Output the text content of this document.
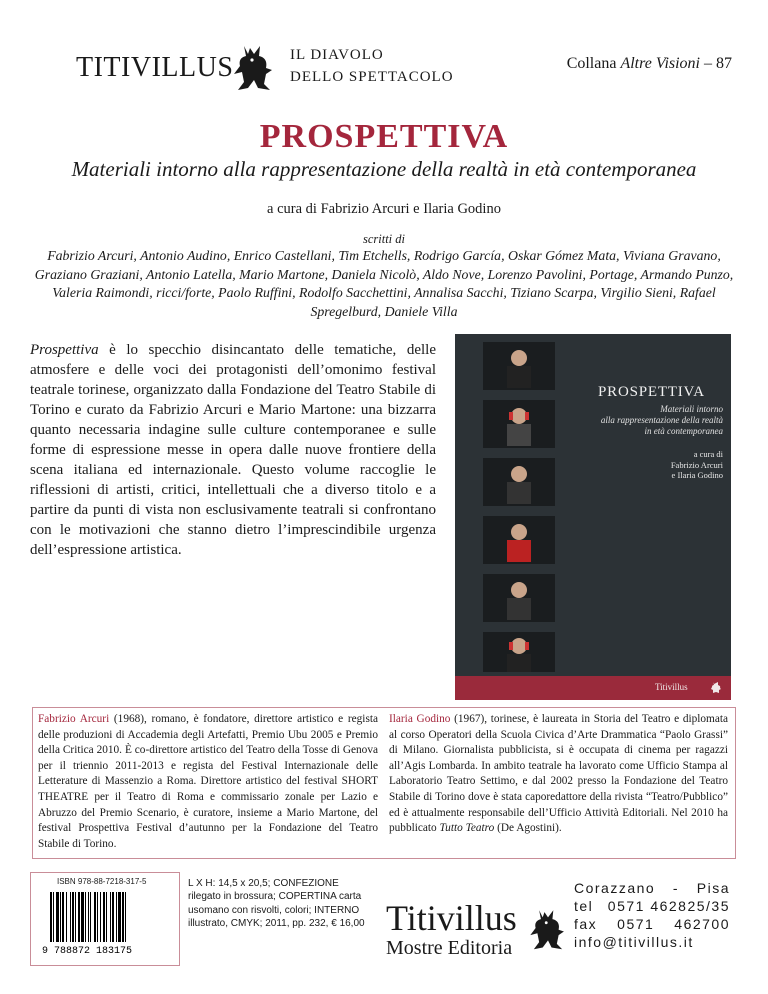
TITIVILLUS	IL DIAVOLO
DELLO SPETTACOLO
Collana Altre Visioni – 87
PROSPETTIVA
Materiali intorno alla rappresentazione della realtà in età contemporanea
a cura di Fabrizio Arcuri e Ilaria Godino
scritti di
Fabrizio Arcuri, Antonio Audino, Enrico Castellani, Tim Etchells, Rodrigo García, Oskar Gómez Mata, Viviana Gravano, Graziano Graziani, Antonio Latella, Mario Martone, Daniela Nicolò, Aldo Nove, Lorenzo Pavolini, Portage, Armando Punzo, Valeria Raimondi, ricci/forte, Paolo Ruffini, Rodolfo Sacchettini, Annalisa Sacchi, Tiziano Scarpa, Virgilio Sieni, Rafael Spregelburd, Daniele Villa
Prospettiva è lo specchio disincantato delle tematiche, delle atmosfere e delle voci dei protagonisti dell’omonimo festival teatrale torinese, organizzato dalla Fondazione del Teatro Stabile di Torino e curato da Fabrizio Arcuri e Mario Martone: una bizzarra quanto necessaria indagine sulle culture contemporanee e sulle forme di espressione messe in opera dalle nuove frontiere della scena italiana ed internazionale. Questo volume raccoglie le riflessioni di artisti, critici, intellettuali che a diverso titolo e a partire da punti di vista non esclusivamente teatrali si confrontano con le motivazioni che stanno dietro l’imprescindibile urgenza dell’espressione artistica.
PROSPETTIVA
Materiali intorno
alla rappresentazione della realtà
in età contemporanea
a cura di
Fabrizio Arcuri
e Ilaria Godino
Titivillus
Fabrizio Arcuri (1968), romano, è fondatore, direttore artistico e regista delle produzioni di Accademia degli Artefatti, Premio Ubu 2005 e Premio della Critica 2010. È co-direttore artistico del Teatro della Tosse di Genova per il triennio 2011-2013 e regista del Festival Internazionale delle Letterature di Massenzio a Roma. Direttore artistico del festival SHORT THEATRE per il Teatro di Roma e commissario zonale per Lazio e Abruzzo del Premio Scenario, è curatore, insieme a Mario Martone, del festival Prospettiva Festival d’autunno per la Fondazione del Teatro Stabile di Torino.
Ilaria Godino (1967), torinese, è laureata in Storia del Teatro e diplomata al corso Operatori della Scuola Civica d’Arte Drammatica “Paolo Grassi” di Milano. Giornalista pubblicista, si è occupata di cinema per ragazzi all’Agis Lombarda. In ambito teatrale ha lavorato come Ufficio Stampa al Laboratorio Teatro Settimo, e dal 2002 presso la Fondazione del Teatro Stabile di Torino dove è stata caporedattore della rivista “Teatro/Pubblico” ed è attualmente responsabile dell’Ufficio Attività Editoriali. Nel 2010 ha pubblicato Tutto Teatro (De Agostini).
ISBN 978-88-7218-317-5
9 788872 183175
L X H: 14,5 x 20,5; CONFEZIONE rilegato in brossura; COPERTINA carta usomano con risvolti, colori; INTERNO illustrato, CMYK; 2011, pp. 232, € 16,00 Titivillus
Mostre Editoria
Corazzano - Pisa
tel 0571 462825/35
fax 0571 462700
info@titivillus.it
